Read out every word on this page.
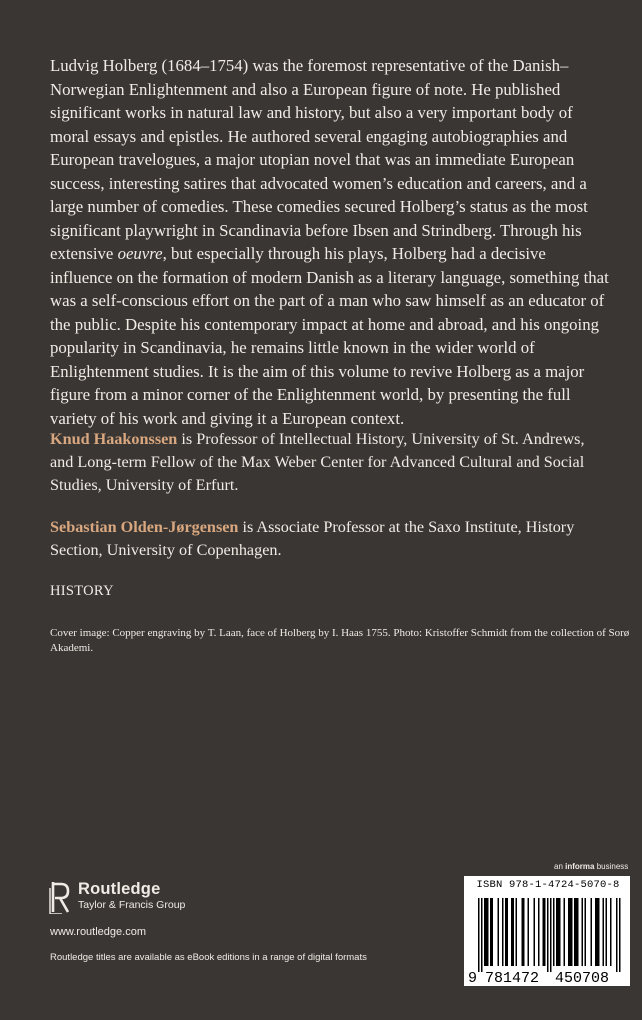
Ludvig Holberg (1684–1754) was the foremost representative of the Danish–Norwegian Enlightenment and also a European figure of note. He published significant works in natural law and history, but also a very important body of moral essays and epistles. He authored several engaging autobiographies and European travelogues, a major utopian novel that was an immediate European success, interesting satires that advocated women’s education and careers, and a large number of comedies. These comedies secured Holberg’s status as the most significant playwright in Scandinavia before Ibsen and Strindberg. Through his extensive oeuvre, but especially through his plays, Holberg had a decisive influence on the formation of modern Danish as a literary language, something that was a self-conscious effort on the part of a man who saw himself as an educator of the public. Despite his contemporary impact at home and abroad, and his ongoing popularity in Scandinavia, he remains little known in the wider world of Enlightenment studies. It is the aim of this volume to revive Holberg as a major figure from a minor corner of the Enlightenment world, by presenting the full variety of his work and giving it a European context.

Knud Haakonssen is Professor of Intellectual History, University of St. Andrews, and Long-term Fellow of the Max Weber Center for Advanced Cultural and Social Studies, University of Erfurt.

Sebastian Olden-Jørgensen is Associate Professor at the Saxo Institute, History Section, University of Copenhagen.

HISTORY

Cover image: Copper engraving by T. Laan, face of Holberg by I. Haas 1755. Photo: Kristoffer Schmidt from the collection of Sorø Akademi.

Routledge
Taylor & Francis Group
www.routledge.com
Routledge titles are available as eBook editions in a range of digital formats
an informa business
ISBN 978-1-4724-5070-8
9 781472 450708
